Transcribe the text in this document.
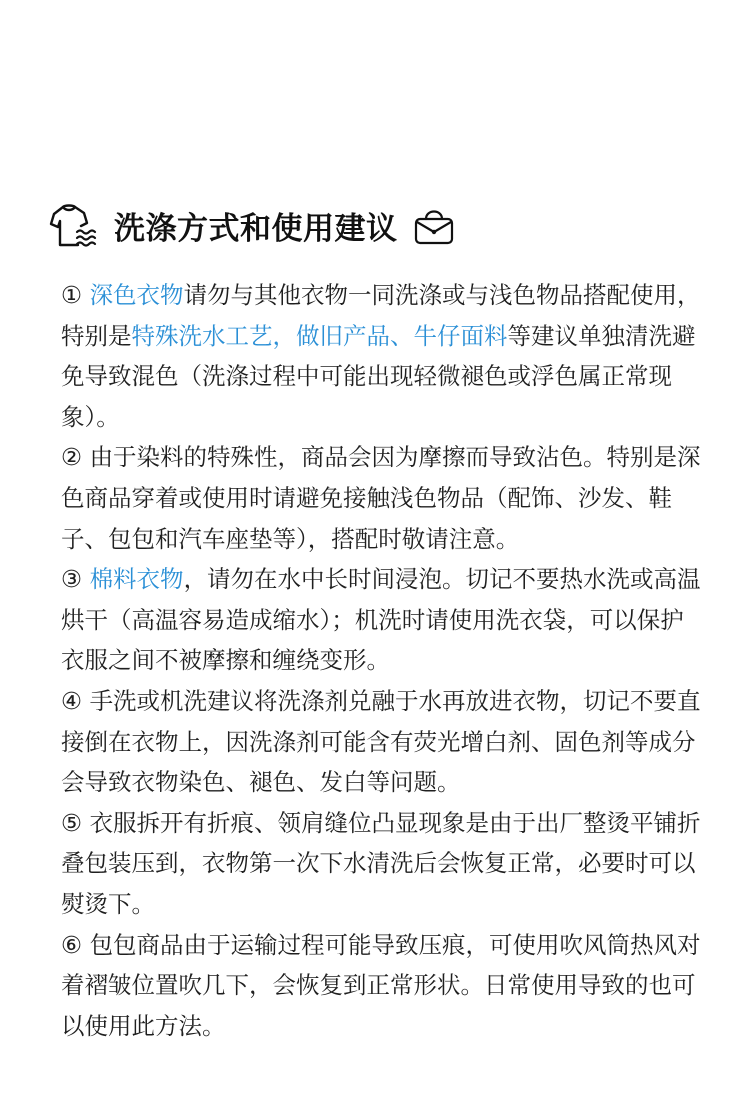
洗涤方式和使用建议

① 深色衣物请勿与其他衣物一同洗涤或与浅色物品搭配使用，特别是特殊洗水工艺，做旧产品、牛仔面料等建议单独清洗避免导致混色（洗涤过程中可能出现轻微褪色或浮色属正常现象）。

② 由于染料的特殊性，商品会因为摩擦而导致沾色。特别是深色商品穿着或使用时请避免接触浅色物品（配饰、沙发、鞋子、包包和汽车座垫等），搭配时敬请注意。

③ 棉料衣物，请勿在水中长时间浸泡。切记不要热水洗或高温烘干（高温容易造成缩水）；机洗时请使用洗衣袋，可以保护衣服之间不被摩擦和缠绕变形。

④ 手洗或机洗建议将洗涤剂兑融于水再放进衣物，切记不要直接倒在衣物上，因洗涤剂可能含有荧光增白剂、固色剂等成分会导致衣物染色、褪色、发白等问题。

⑤ 衣服拆开有折痕、领肩缝位凸显现象是由于出厂整烫平铺折叠包装压到，衣物第一次下水清洗后会恢复正常，必要时可以熨烫下。

⑥ 包包商品由于运输过程可能导致压痕，可使用吹风筒热风对着褶皱位置吹几下，会恢复到正常形状。日常使用导致的也可以使用此方法。
